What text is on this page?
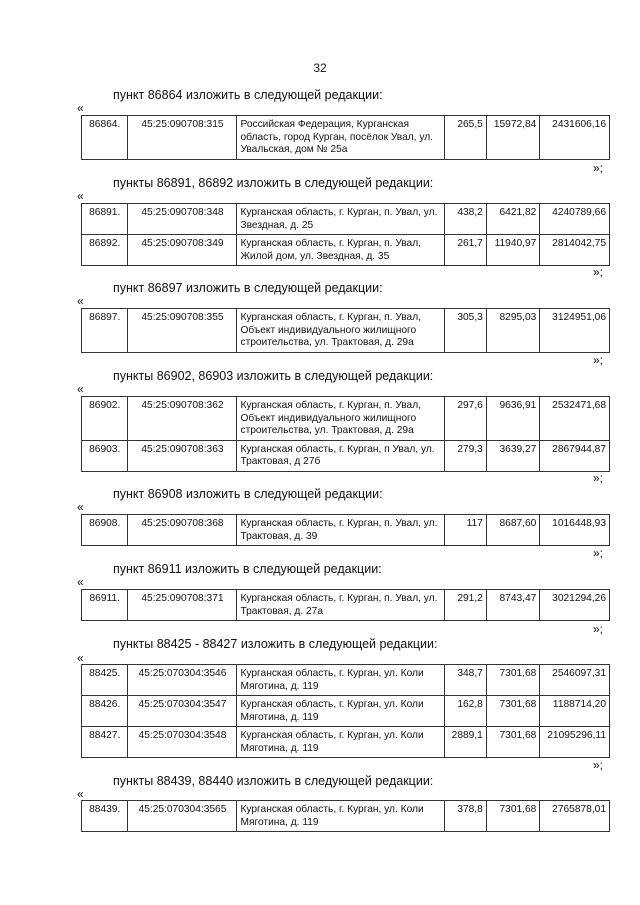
32
пункт 86864 изложить в следующей редакции:
«
86864.	45:25:090708:315	Российская Федерация, Курганская область, город Курган, посёлок Увал, ул. Увальская, дом № 25а	265,5	15972,84	2431606,16
»;
пункты 86891, 86892 изложить в следующей редакции:
«
86891.	45:25:090708:348	Курганская область, г. Курган, п. Увал, ул. Звездная, д. 25	438,2	6421,82	4240789,66
86892.	45:25:090708:349	Курганская область, г. Курган, п. Увал, Жилой дом, ул. Звездная, д. 35	261,7	11940,97	2814042,75
»;
пункт 86897 изложить в следующей редакции:
«
86897.	45:25:090708:355	Курганская область, г. Курган, п. Увал, Объект индивидуального жилищного строительства, ул. Трактовая, д. 29а	305,3	8295,03	3124951,06
»;
пункты 86902, 86903 изложить в следующей редакции:
«
86902.	45:25:090708:362	Курганская область, г. Курган, п. Увал, Объект индивидуального жилищного строительства, ул. Трактовая, д. 29а	297,6	9636,91	2532471,68
86903.	45:25:090708:363	Курганская область, г. Курган, п Увал, ул. Трактовая, д 27б	279,3	3639,27	2867944,87
»;
пункт 86908 изложить в следующей редакции:
«
86908.	45:25:090708:368	Курганская область, г. Курган, п. Увал, ул. Трактовая, д. 39	117	8687,60	1016448,93
»;
пункт 86911 изложить в следующей редакции:
«
86911.	45:25:090708:371	Курганская область, г. Курган, п. Увал, ул. Трактовая, д. 27а	291,2	8743,47	3021294,26
»;
пункты 88425 - 88427 изложить в следующей редакции:
«
88425.	45:25:070304:3546	Курганская область, г. Курган, ул. Коли Мяготина, д. 119	348,7	7301,68	2546097,31
88426.	45:25:070304:3547	Курганская область, г. Курган, ул. Коли Мяготина, д. 119	162,8	7301,68	1188714,20
88427.	45:25:070304:3548	Курганская область, г. Курган, ул. Коли Мяготина, д. 119	2889,1	7301,68	21095296,11
»;
пункты 88439, 88440 изложить в следующей редакции:
«
88439.	45:25:070304:3565	Курганская область, г. Курган, ул. Коли Мяготина, д. 119	378,8	7301,68	2765878,01
